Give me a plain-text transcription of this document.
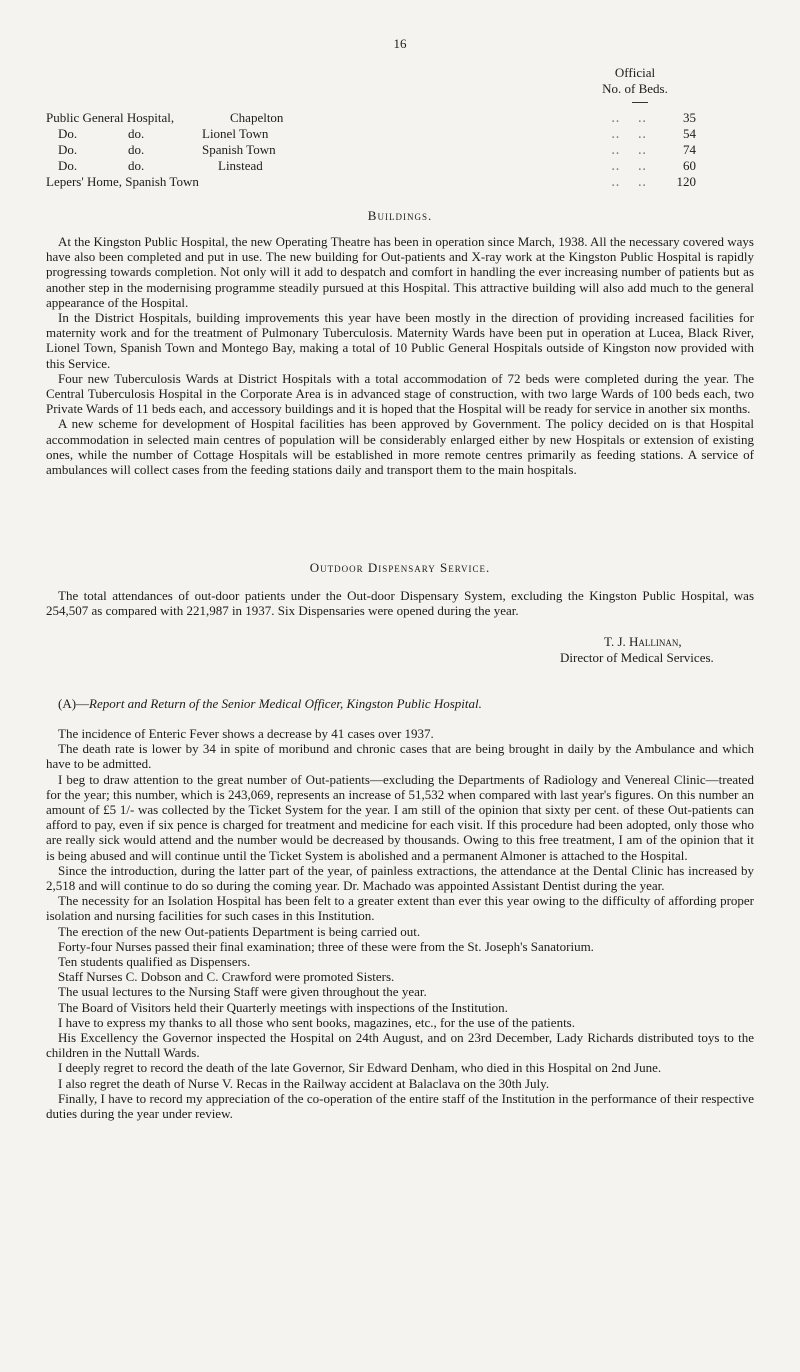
16
Official
No. of Beds.
Public General Hospital,	Chapelton	‥‥	35
Do.	do.	Lionel Town	‥‥	54
Do.	do.	Spanish Town	‥‥	74
Do.	do.	Linstead	‥‥	60
Lepers' Home, Spanish Town	‥‥ 120
Buildings.

At the Kingston Public Hospital, the new Operating Theatre has been in operation since March, 1938. All the necessary covered ways have also been completed and put in use. The new building for Out-patients and X-ray work at the Kingston Public Hospital is rapidly progressing towards completion. Not only will it add to despatch and comfort in handling the ever increasing number of patients but as another step in the modernising programme steadily pursued at this Hospital. This attractive building will also add much to the general appearance of the Hospital.

In the District Hospitals, building improvements this year have been mostly in the direction of providing increased facilities for maternity work and for the treatment of Pulmonary Tuberculosis. Maternity Wards have been put in operation at Lucea, Black River, Lionel Town, Spanish Town and Montego Bay, making a total of 10 Public General Hospitals outside of Kingston now provided with this Service.

Four new Tuberculosis Wards at District Hospitals with a total accommodation of 72 beds were completed during the year. The Central Tuberculosis Hospital in the Corporate Area is in advanced stage of construction, with two large Wards of 100 beds each, two Private Wards of 11 beds each, and accessory buildings and it is hoped that the Hospital will be ready for service in another six months.

A new scheme for development of Hospital facilities has been approved by Government. The policy decided on is that Hospital accommodation in selected main centres of population will be considerably enlarged either by new Hospitals or extension of existing ones, while the number of Cottage Hospitals will be established in more remote centres primarily as feeding stations. A service of ambulances will collect cases from the feeding stations daily and transport them to the main hospitals.

Outdoor Dispensary Service.

The total attendances of out-door patients under the Out-door Dispensary System, excluding the Kingston Public Hospital, was 254,507 as compared with 221,987 in 1937. Six Dispensaries were opened during the year.

T. J. Hallinan,
Director of Medical Services.
(A)—Report and Return of the Senior Medical Officer, Kingston Public Hospital.

The incidence of Enteric Fever shows a decrease by 41 cases over 1937.

The death rate is lower by 34 in spite of moribund and chronic cases that are being brought in daily by the Ambulance and which have to be admitted.

I beg to draw attention to the great number of Out-patients—excluding the Departments of Radiology and Venereal Clinic—treated for the year; this number, which is 243,069, represents an increase of 51,532 when compared with last year's figures. On this number an amount of £5 1/- was collected by the Ticket System for the year. I am still of the opinion that sixty per cent. of these Out-patients can afford to pay, even if six pence is charged for treatment and medicine for each visit. If this procedure had been adopted, only those who are really sick would attend and the number would be decreased by thousands. Owing to this free treatment, I am of the opinion that it is being abused and will continue until the Ticket System is abolished and a permanent Almoner is attached to the Hospital.

Since the introduction, during the latter part of the year, of painless extractions, the attendance at the Dental Clinic has increased by 2,518 and will continue to do so during the coming year. Dr. Machado was appointed Assistant Dentist during the year.

The necessity for an Isolation Hospital has been felt to a greater extent than ever this year owing to the difficulty of affording proper isolation and nursing facilities for such cases in this Institution.

The erection of the new Out-patients Department is being carried out.

Forty-four Nurses passed their final examination; three of these were from the St. Joseph's Sanatorium.

Ten students qualified as Dispensers.

Staff Nurses C. Dobson and C. Crawford were promoted Sisters.

The usual lectures to the Nursing Staff were given throughout the year.

The Board of Visitors held their Quarterly meetings with inspections of the Institution.

I have to express my thanks to all those who sent books, magazines, etc., for the use of the patients.

His Excellency the Governor inspected the Hospital on 24th August, and on 23rd December, Lady Richards distributed toys to the children in the Nuttall Wards.

I deeply regret to record the death of the late Governor, Sir Edward Denham, who died in this Hospital on 2nd June.

I also regret the death of Nurse V. Recas in the Railway accident at Balaclava on the 30th July.

Finally, I have to record my appreciation of the co-operation of the entire staff of the Institution in the performance of their respective duties during the year under review.
